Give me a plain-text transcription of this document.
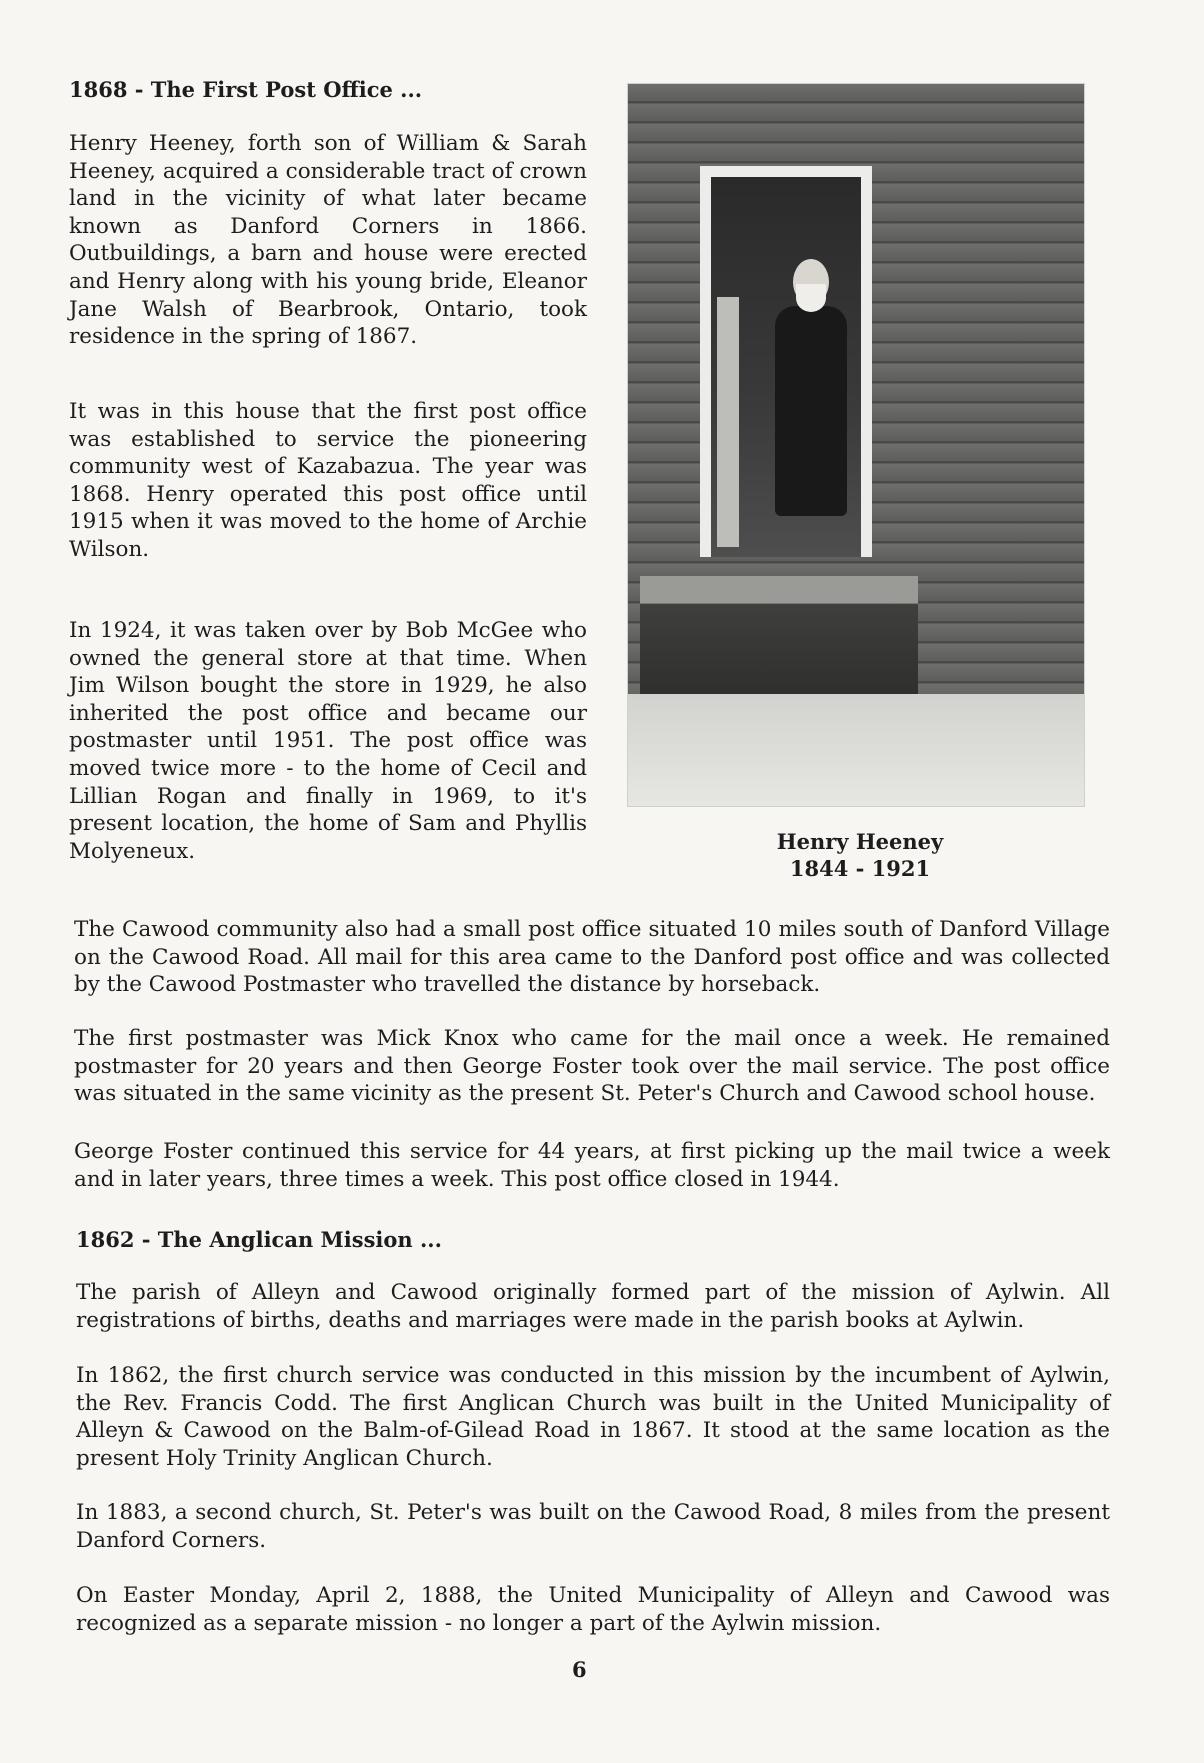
1868 - The First Post Office ...

Henry Heeney, forth son of William & Sarah Heeney, acquired a considerable tract of crown land in the vicinity of what later became known as Danford Corners in 1866. Outbuildings, a barn and house were erected and Henry along with his young bride, Eleanor Jane Walsh of Bearbrook, Ontario, took residence in the spring of 1867.

It was in this house that the first post office was established to service the pioneering community west of Kazabazua. The year was 1868. Henry operated this post office until 1915 when it was moved to the home of Archie Wilson.

In 1924, it was taken over by Bob McGee who owned the general store at that time. When Jim Wilson bought the store in 1929, he also inherited the post office and became our postmaster until 1951. The post office was moved twice more - to the home of Cecil and Lillian Rogan and finally in 1969, to it's present location, the home of Sam and Phyllis Molyeneux.	Henry Heeney
1844 - 1921

The Cawood community also had a small post office situated 10 miles south of Danford Village on the Cawood Road. All mail for this area came to the Danford post office and was collected by the Cawood Postmaster who travelled the distance by horseback.

The first postmaster was Mick Knox who came for the mail once a week. He remained postmaster for 20 years and then George Foster took over the mail service. The post office was situated in the same vicinity as the present St. Peter's Church and Cawood school house.

George Foster continued this service for 44 years, at first picking up the mail twice a week and in later years, three times a week. This post office closed in 1944.

1862 - The Anglican Mission ...

The parish of Alleyn and Cawood originally formed part of the mission of Aylwin. All registrations of births, deaths and marriages were made in the parish books at Aylwin.

In 1862, the first church service was conducted in this mission by the incumbent of Aylwin, the Rev. Francis Codd. The first Anglican Church was built in the United Municipality of Alleyn & Cawood on the Balm-of-Gilead Road in 1867. It stood at the same location as the present Holy Trinity Anglican Church.

In 1883, a second church, St. Peter's was built on the Cawood Road, 8 miles from the present Danford Corners.

On Easter Monday, April 2, 1888, the United Municipality of Alleyn and Cawood was recognized as a separate mission - no longer a part of the Aylwin mission.

6
